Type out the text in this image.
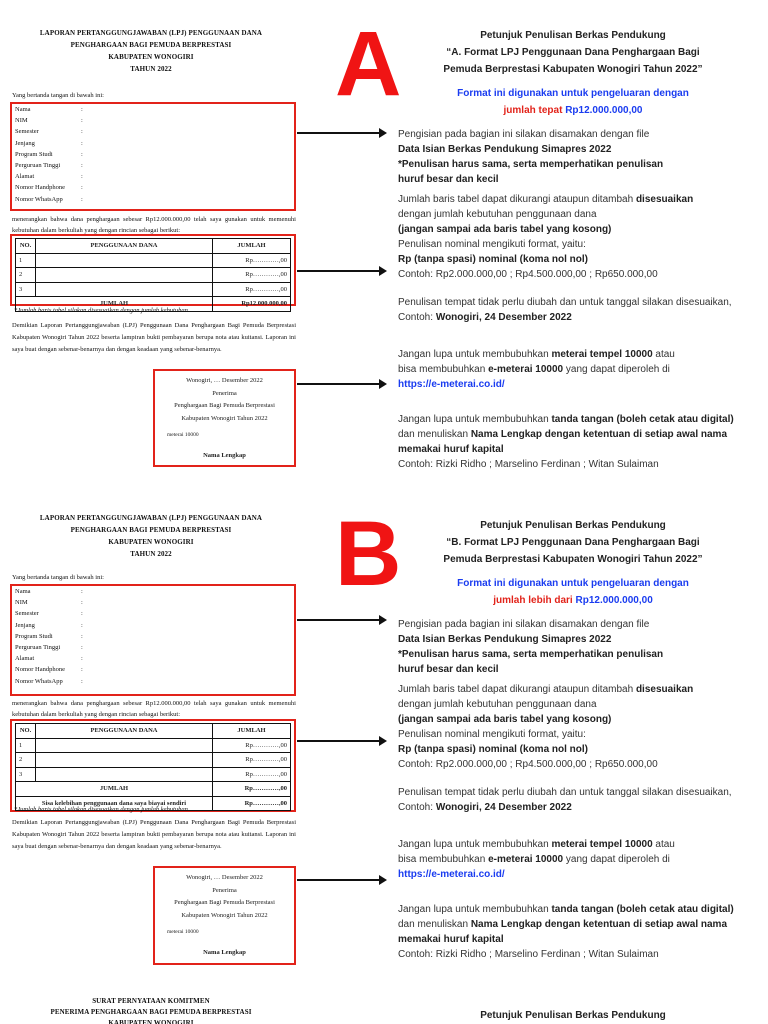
LAPORAN PERTANGGUNGJAWABAN (LPJ) PENGGUNAAN DANA
PENGHARGAAN BAGI PEMUDA BERPRESTASI
KABUPATEN WONOGIRI
TAHUN 2022
Yang bertanda tangan di bawah ini:
Nama	:
NIM	:
Semester	:
Jenjang	:
Program Studi	:
Perguruan Tinggi	:
Alamat	:
Nomor Handphone	:
Nomor WhatsApp	:
menerangkan bahwa dana penghargaan sebesar Rp12.000.000,00 telah saya gunakan untuk memenuhi kebutuhan dalam berkuliah yang dengan rincian sebagai berikut:
NO.	PENGGUNAAN DANA	JUMLAH
1		Rp…………,00
2		Rp…………,00
3		Rp…………,00
JUMLAH		Rp12.000.000,00
*Jumlah baris tabel silakan disesuaikan dengan jumlah kebutuhan
Demikian Laporan Pertanggungjawaban (LPJ) Penggunaan Dana Penghargaan Bagi Pemuda Berprestasi Kabupaten Wonogiri Tahun 2022 beserta lampiran bukti pembayaran berupa nota atau kuitansi. Laporan ini saya buat dengan sebenar-benarnya dan dengan keadaan yang sebenar-benarnya.
Wonogiri, … Desember 2022
Penerima
Penghargaan Bagi Pemuda Berprestasi
Kabupaten Wonogiri Tahun 2022
meterai 10000
Nama Lengkap
A	Petunjuk Penulisan Berkas Pendukung
“A. Format LPJ Penggunaan Dana Penghargaan Bagi
Pemuda Berprestasi Kabupaten Wonogiri Tahun 2022”
Format ini digunakan untuk pengeluaran dengan
jumlah tepat Rp12.000.000,00
Pengisian pada bagian ini silakan disamakan dengan file
Data Isian Berkas Pendukung Simapres 2022
*Penulisan harus sama, serta memperhatikan penulisan
huruf besar dan kecil
Jumlah baris tabel dapat dikurangi ataupun ditambah disesuaikan
dengan jumlah kebutuhan penggunaan dana
(jangan sampai ada baris tabel yang kosong)
Penulisan nominal mengikuti format, yaitu:
Rp (tanpa spasi) nominal (koma nol nol)
Contoh: Rp2.000.000,00 ; Rp4.500.000,00 ; Rp650.000,00
Penulisan tempat tidak perlu diubah dan untuk tanggal silakan disesuaikan,
Contoh: Wonogiri, 24 Desember 2022
Jangan lupa untuk membubuhkan meterai tempel 10000 atau
bisa membubuhkan e-meterai 10000 yang dapat diperoleh di
https://e-meterai.co.id/
Jangan lupa untuk membubuhkan tanda tangan (boleh cetak atau digital)
dan menuliskan Nama Lengkap dengan ketentuan di setiap awal nama
memakai huruf kapital
Contoh: Rizki Ridho ; Marselino Ferdinan ; Witan Sulaiman
LAPORAN PERTANGGUNGJAWABAN (LPJ) PENGGUNAAN DANA
PENGHARGAAN BAGI PEMUDA BERPRESTASI
KABUPATEN WONOGIRI
TAHUN 2022
Yang bertanda tangan di bawah ini:
Nama	:
NIM	:
Semester	:
Jenjang	:
Program Studi	:
Perguruan Tinggi	:
Alamat	:
Nomor Handphone	:
Nomor WhatsApp	:
menerangkan bahwa dana penghargaan sebesar Rp12.000.000,00 telah saya gunakan untuk memenuhi kebutuhan dalam berkuliah yang dengan rincian sebagai berikut:
NO.	PENGGUNAAN DANA	JUMLAH
1		Rp…………,00
2		Rp…………,00
3		Rp…………,00
JUMLAH		Rp…………,00
Sisa kelebihan penggunaan dana saya biayai sendiri		Rp…………,00
*Jumlah baris tabel silakan disesuaikan dengan jumlah kebutuhan
Demikian Laporan Pertanggungjawaban (LPJ) Penggunaan Dana Penghargaan Bagi Pemuda Berprestasi Kabupaten Wonogiri Tahun 2022 beserta lampiran bukti pembayaran berupa nota atau kuitansi. Laporan ini saya buat dengan sebenar-benarnya dan dengan keadaan yang sebenar-benarnya.
Wonogiri, … Desember 2022
Penerima
Penghargaan Bagi Pemuda Berprestasi
Kabupaten Wonogiri Tahun 2022
meterai 10000
Nama Lengkap
B	Petunjuk Penulisan Berkas Pendukung
“B. Format LPJ Penggunaan Dana Penghargaan Bagi
Pemuda Berprestasi Kabupaten Wonogiri Tahun 2022”
Format ini digunakan untuk pengeluaran dengan
jumlah lebih dari Rp12.000.000,00
Pengisian pada bagian ini silakan disamakan dengan file
Data Isian Berkas Pendukung Simapres 2022
*Penulisan harus sama, serta memperhatikan penulisan
huruf besar dan kecil
Jumlah baris tabel dapat dikurangi ataupun ditambah disesuaikan
dengan jumlah kebutuhan penggunaan dana
(jangan sampai ada baris tabel yang kosong)
Penulisan nominal mengikuti format, yaitu:
Rp (tanpa spasi) nominal (koma nol nol)
Contoh: Rp2.000.000,00 ; Rp4.500.000,00 ; Rp650.000,00
Penulisan tempat tidak perlu diubah dan untuk tanggal silakan disesuaikan,
Contoh: Wonogiri, 24 Desember 2022
Jangan lupa untuk membubuhkan meterai tempel 10000 atau
bisa membubuhkan e-meterai 10000 yang dapat diperoleh di
https://e-meterai.co.id/
Jangan lupa untuk membubuhkan tanda tangan (boleh cetak atau digital)
dan menuliskan Nama Lengkap dengan ketentuan di setiap awal nama
memakai huruf kapital
Contoh: Rizki Ridho ; Marselino Ferdinan ; Witan Sulaiman
SURAT PERNYATAAN KOMITMEN
PENERIMA PENGHARGAAN BAGI PEMUDA BERPRESTASI
KABUPATEN WONOGIRI
Petunjuk Penulisan Berkas Pendukung
